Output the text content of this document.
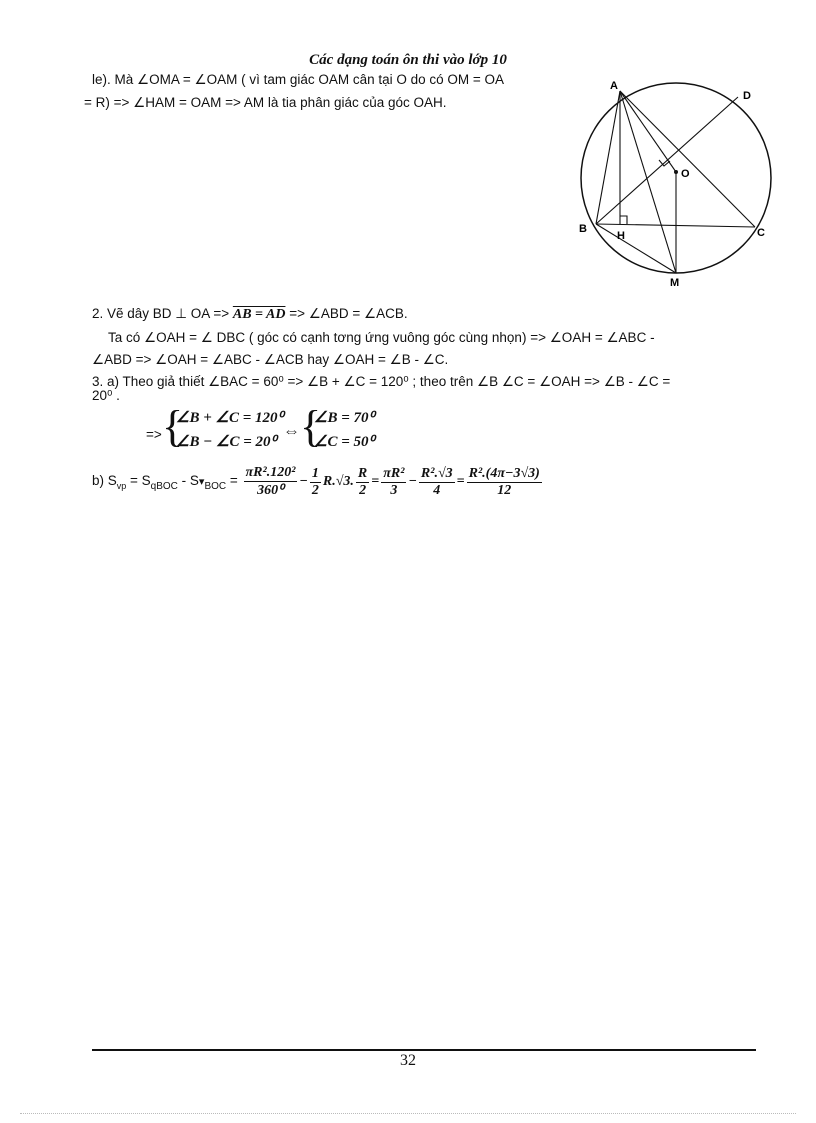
Các dạng toán ôn thi vào lớp 10
le). Mà ∠OMA = ∠OAM ( vì tam giác OAM cân tại O do có OM = OA
= R) => ∠HAM = OAM => AM là tia phân giác của góc OAH.
A
D
O
B
H	C
M
2. Vẽ dây BD ⊥ OA => AB = AD => ∠ABD = ∠ACB.
Ta có ∠OAH = ∠ DBC ( góc có cạnh tơng ứng vuông góc cùng nhọn) => ∠OAH = ∠ABC -
∠ABD => ∠OAH = ∠ABC - ∠ACB hay ∠OAH = ∠B - ∠C.
3. a) Theo giả thiết ∠BAC = 60⁰ => ∠B + ∠C = 120⁰ ; theo trên ∠B ∠C = ∠OAH => ∠B - ∠C =
20⁰ .
=> {
∠B + ∠C = 120⁰
∠B − ∠C = 20⁰
⇔ {
∠B = 70⁰
∠C = 50⁰
b) $S_{vp} = S_{qBOC}$ - $S▾_{BOC} = \frac{\text{πR².120²}}{\text{360⁰}} - \frac{1}{2} R.√3$. $\frac{R}{2} = \frac{\text{πR²}}{3} - \frac{\text{R².√3}}{4} = \frac{\text{R².(4π−3√3)}}{12}$
32
